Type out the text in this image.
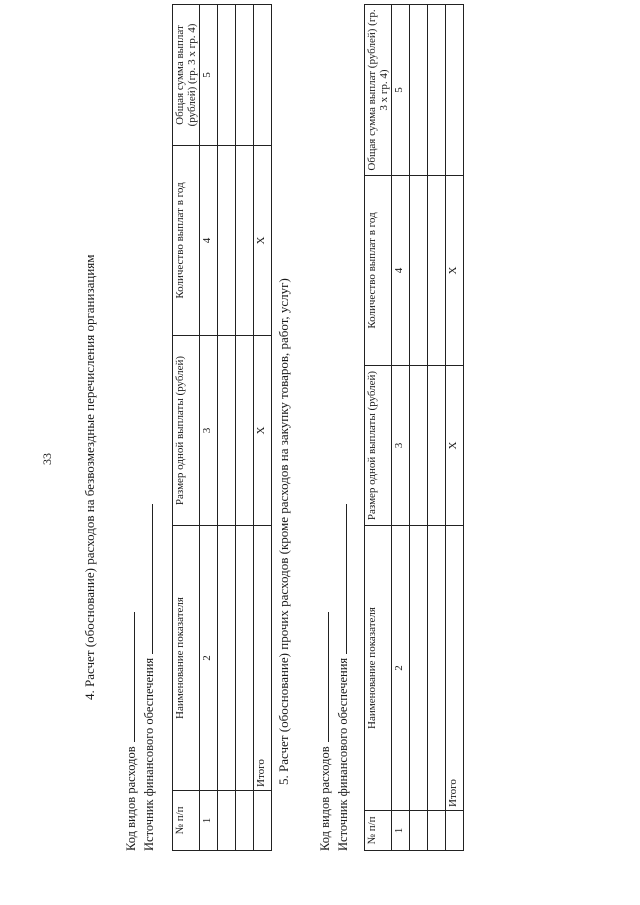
33 4. Расчет (обоснование) расходов на безвозмездные перечисления организациям
Код видов расходов Источник финансового обеспечения № п/п	Наименование показателя	Размер одной выплаты (рублей)	Количество выплат в год	Общая сумма выплат (рублей) (гр. 3 х гр. 4)
1	2	3	4	5

	Итого	X	X	
5. Расчет (обоснование) прочих расходов (кроме расходов на закупку товаров, работ, услуг)
Код видов расходов Источник финансового обеспечения № п/п	Наименование показателя	Размер одной выплаты (рублей)	Количество выплат в год	Общая сумма выплат (рублей) (гр. 3 х гр. 4)
1	2	3	4	5

	Итого	X	X	
